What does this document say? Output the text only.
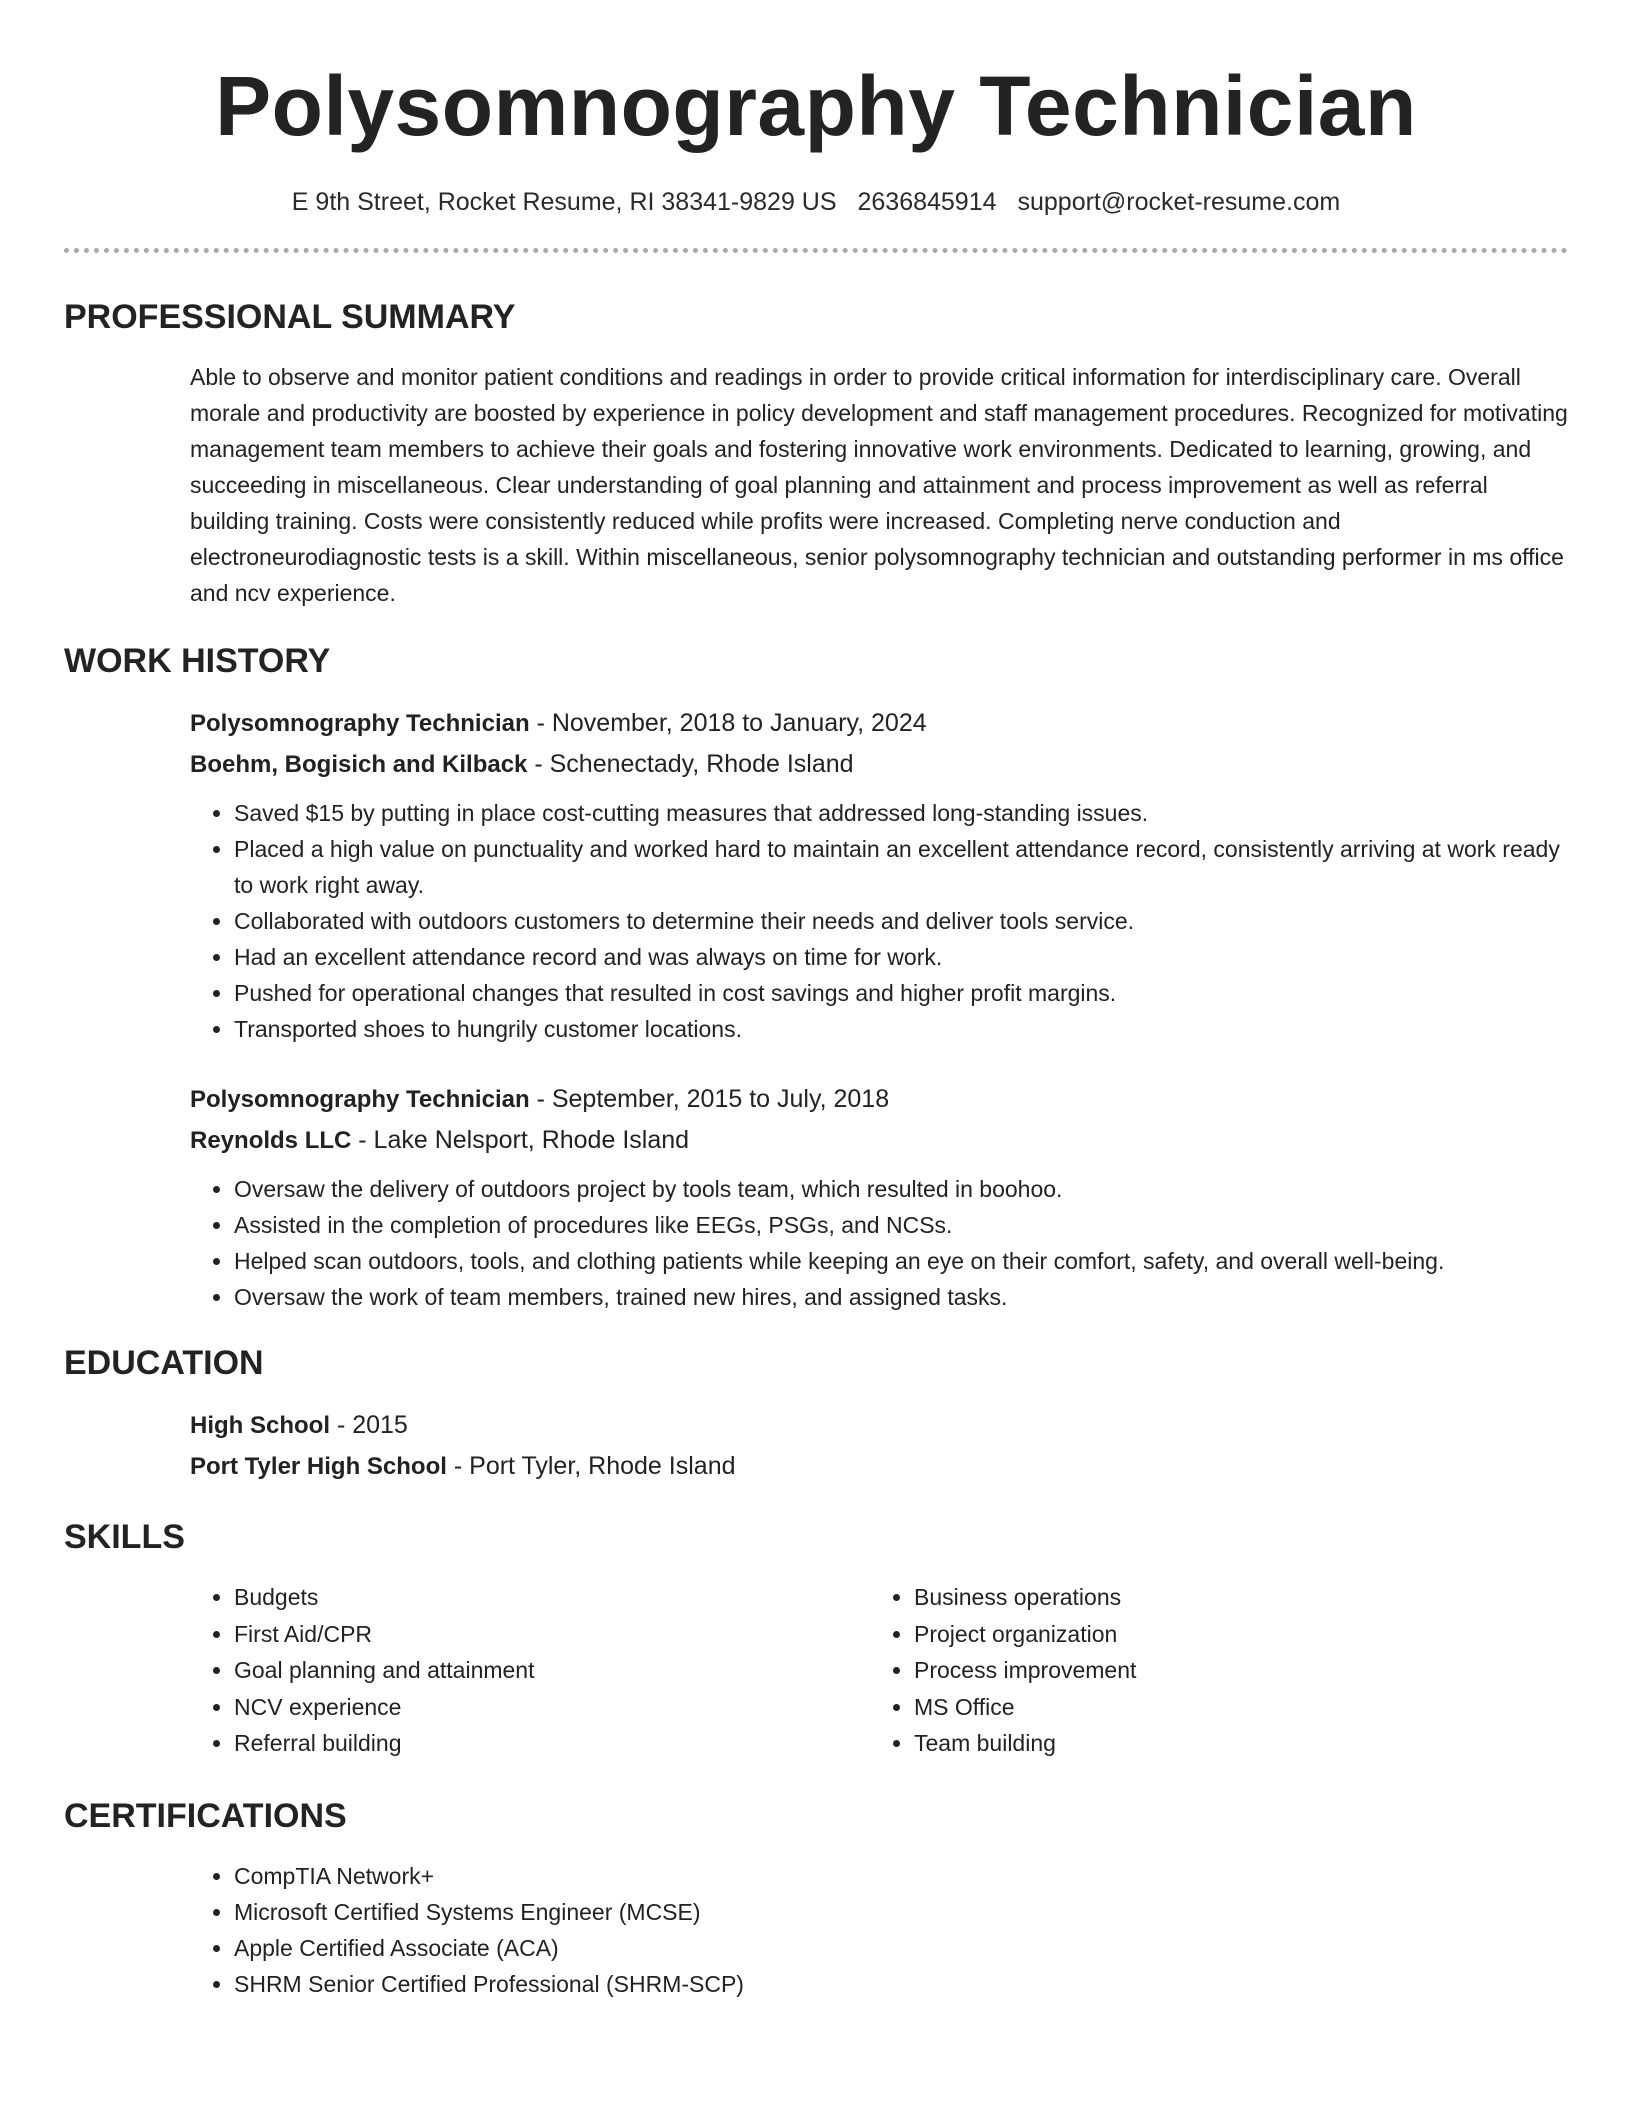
Polysomnography Technician
E 9th Street, Rocket Resume, RI 38341-9829 US 2636845914 support@rocket-resume.com
PROFESSIONAL SUMMARY

Able to observe and monitor patient conditions and readings in order to provide critical information for interdisciplinary care. Overall morale and productivity are boosted by experience in policy development and staff management procedures. Recognized for motivating management team members to achieve their goals and fostering innovative work environments. Dedicated to learning, growing, and succeeding in miscellaneous. Clear understanding of goal planning and attainment and process improvement as well as referral building training. Costs were consistently reduced while profits were increased. Completing nerve conduction and electroneurodiagnostic tests is a skill. Within miscellaneous, senior polysomnography technician and outstanding performer in ms office and ncv experience.

WORK HISTORY

Polysomnography Technician - November, 2018 to January, 2024

Boehm, Bogisich and Kilback - Schenectady, Rhode Island

• Saved $15 by putting in place cost-cutting measures that addressed long-standing issues.
• Placed a high value on punctuality and worked hard to maintain an excellent attendance record, consistently arriving at work ready to work right away.
• Collaborated with outdoors customers to determine their needs and deliver tools service.
• Had an excellent attendance record and was always on time for work.
• Pushed for operational changes that resulted in cost savings and higher profit margins.
• Transported shoes to hungrily customer locations.

Polysomnography Technician - September, 2015 to July, 2018

Reynolds LLC - Lake Nelsport, Rhode Island

• Oversaw the delivery of outdoors project by tools team, which resulted in boohoo.
• Assisted in the completion of procedures like EEGs, PSGs, and NCSs.
• Helped scan outdoors, tools, and clothing patients while keeping an eye on their comfort, safety, and overall well-being.
• Oversaw the work of team members, trained new hires, and assigned tasks.
EDUCATION

High School - 2015

Port Tyler High School - Port Tyler, Rhode Island

SKILLS
• Budgets
• First Aid/CPR
• Goal planning and attainment
• NCV experience
• Referral building
• Business operations
• Project organization
• Process improvement
• MS Office
• Team building
CERTIFICATIONS
• CompTIA Network+
• Microsoft Certified Systems Engineer (MCSE)
• Apple Certified Associate (ACA)
• SHRM Senior Certified Professional (SHRM-SCP)
